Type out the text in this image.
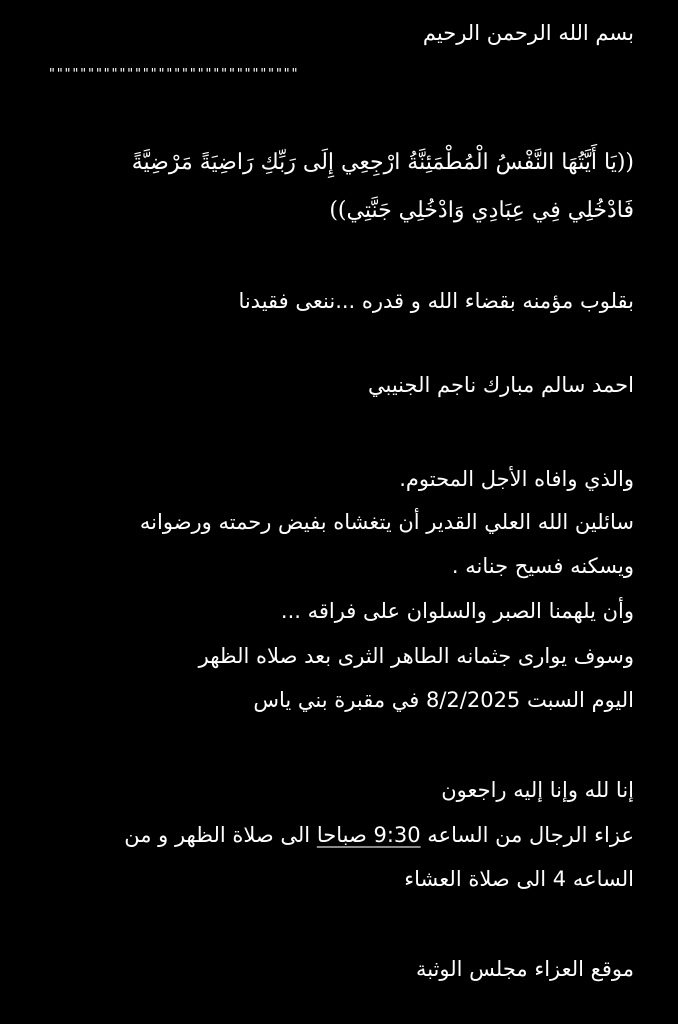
بسم الله الرحمن الرحيم
""""""""""""""""""""""""""""""""
((يَا أَيَّتُهَا النَّفْسُ الْمُطْمَئِنَّةُ ارْجِعِي إِلَى رَبِّكِ رَاضِيَةً مَرْضِيَّةً
فَادْخُلِي فِي عِبَادِي وَادْخُلِي جَنَّتِي))
بقلوب مؤمنه بقضاء الله و قدره ...ننعى فقيدنا
احمد سالم مبارك ناجم الجنيبي
والذي وافاه الأجل المحتوم.
سائلين الله العلي القدير أن يتغشاه بفيض رحمته ورضوانه
ويسكنه فسيح جنانه .
وأن يلهمنا الصبر والسلوان على فراقه ...
وسوف يوارى جثمانه الطاهر الثرى بعد صلاه الظهر
اليوم السبت 8/2/2025 في مقبرة بني ياس
إنا لله وإنا إليه راجعون
عزاء الرجال من الساعه 9:30 صباحا الى صلاة الظهر و من
الساعه 4 الى صلاة العشاء
موقع العزاء مجلس الوثبة
